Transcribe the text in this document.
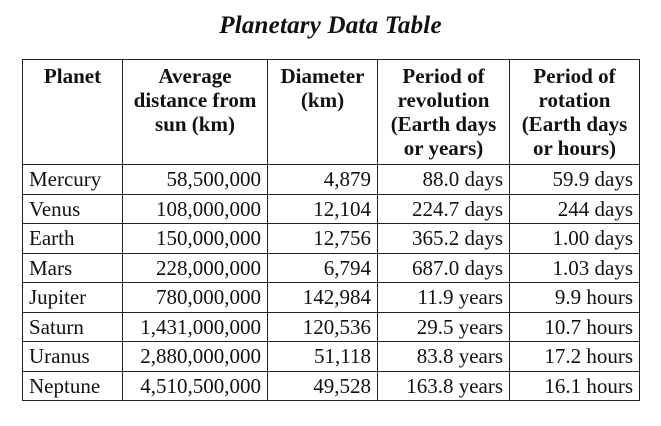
Planetary Data Table
Planet	Average distance from sun (km)	Diameter (km)	Period of revolution (Earth days or years)	Period of rotation (Earth days or hours)
Mercury	58,500,000	4,879	88.0 days	59.9 days
Venus	108,000,000	12,104	224.7 days	244 days
Earth	150,000,000	12,756	365.2 days	1.00 days
Mars	228,000,000	6,794	687.0 days	1.03 days
Jupiter	780,000,000	142,984	11.9 years	9.9 hours
Saturn	1,431,000,000	120,536	29.5 years	10.7 hours
Uranus	2,880,000,000	51,118	83.8 years	17.2 hours
Neptune	4,510,500,000	49,528	163.8 years	16.1 hours
